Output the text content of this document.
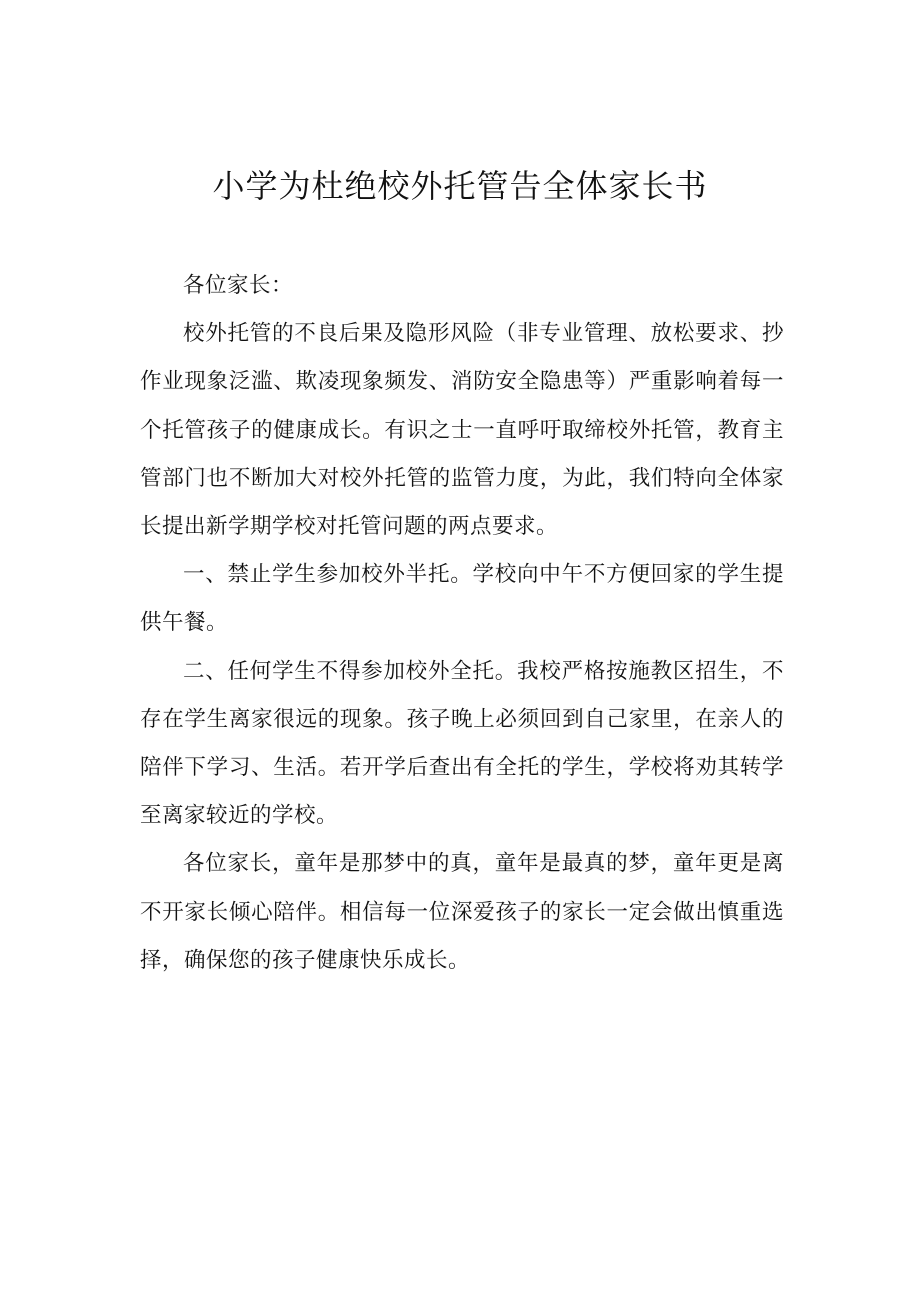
小学为杜绝校外托管告全体家长书

各位家长：

校外托管的不良后果及隐形风险（非专业管理、放松要求、抄作业现象泛滥、欺凌现象频发、消防安全隐患等）严重影响着每一个托管孩子的健康成长。有识之士一直呼吁取缔校外托管，教育主管部门也不断加大对校外托管的监管力度，为此，我们特向全体家长提出新学期学校对托管问题的两点要求。

一、禁止学生参加校外半托。学校向中午不方便回家的学生提供午餐。

二、任何学生不得参加校外全托。我校严格按施教区招生，不存在学生离家很远的现象。孩子晚上必须回到自己家里，在亲人的陪伴下学习、生活。若开学后查出有全托的学生，学校将劝其转学至离家较近的学校。

各位家长，童年是那梦中的真，童年是最真的梦，童年更是离不开家长倾心陪伴。相信每一位深爱孩子的家长一定会做出慎重选择，确保您的孩子健康快乐成长。
